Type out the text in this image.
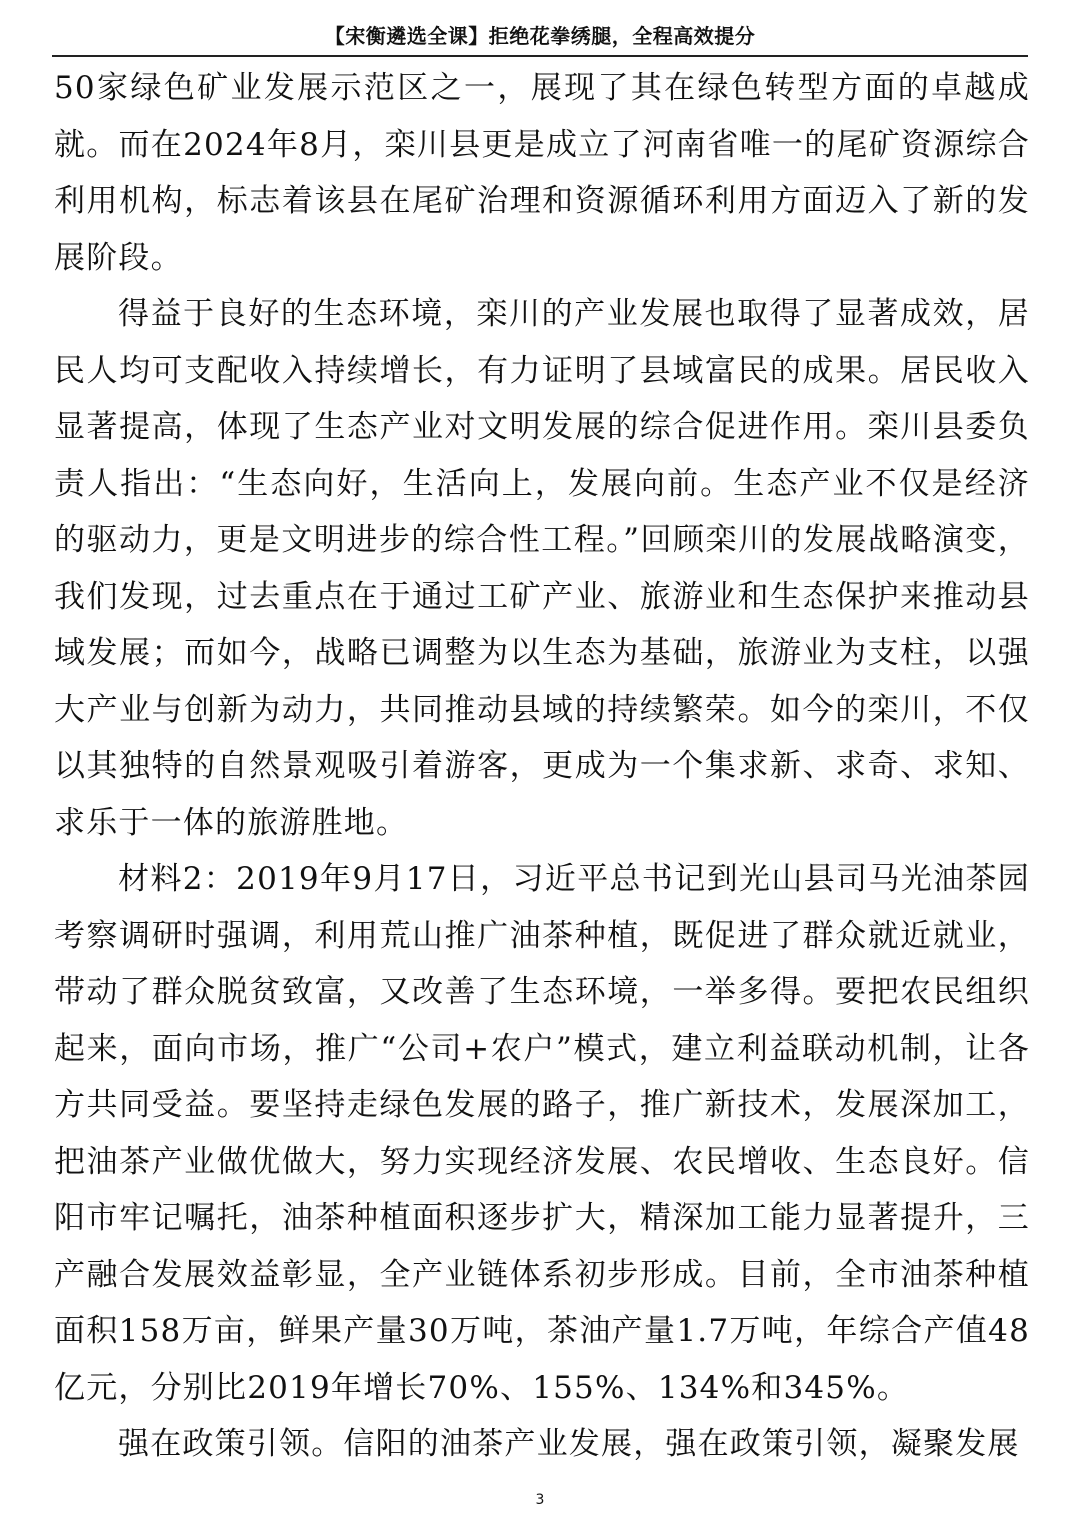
【宋衡遴选全课】拒绝花拳绣腿，全程高效提分

50家绿色矿业发展示范区之一，展现了其在绿色转型方面的卓越成就。而在2024年8月，栾川县更是成立了河南省唯一的尾矿资源综合利用机构，标志着该县在尾矿治理和资源循环利用方面迈入了新的发展阶段。

得益于良好的生态环境，栾川的产业发展也取得了显著成效，居民人均可支配收入持续增长，有力证明了县域富民的成果。居民收入显著提高，体现了生态产业对文明发展的综合促进作用。栾川县委负责人指出：“生态向好，生活向上，发展向前。生态产业不仅是经济的驱动力，更是文明进步的综合性工程。”回顾栾川的发展战略演变，我们发现，过去重点在于通过工矿产业、旅游业和生态保护来推动县域发展；而如今，战略已调整为以生态为基础，旅游业为支柱，以强大产业与创新为动力，共同推动县域的持续繁荣。如今的栾川，不仅以其独特的自然景观吸引着游客，更成为一个集求新、求奇、求知、求乐于一体的旅游胜地。

材料2：2019年9月17日，习近平总书记到光山县司马光油茶园考察调研时强调，利用荒山推广油茶种植，既促进了群众就近就业，带动了群众脱贫致富，又改善了生态环境，一举多得。要把农民组织起来，面向市场，推广“公司+农户”模式，建立利益联动机制，让各方共同受益。要坚持走绿色发展的路子，推广新技术，发展深加工，把油茶产业做优做大，努力实现经济发展、农民增收、生态良好。信阳市牢记嘱托，油茶种植面积逐步扩大，精深加工能力显著提升，三产融合发展效益彰显，全产业链体系初步形成。目前，全市油茶种植面积158万亩，鲜果产量30万吨，茶油产量1.7万吨，年综合产值48亿元，分别比2019年增长70%、155%、134%和345%。

强在政策引领。信阳的油茶产业发展，强在政策引领，凝聚发展

3
